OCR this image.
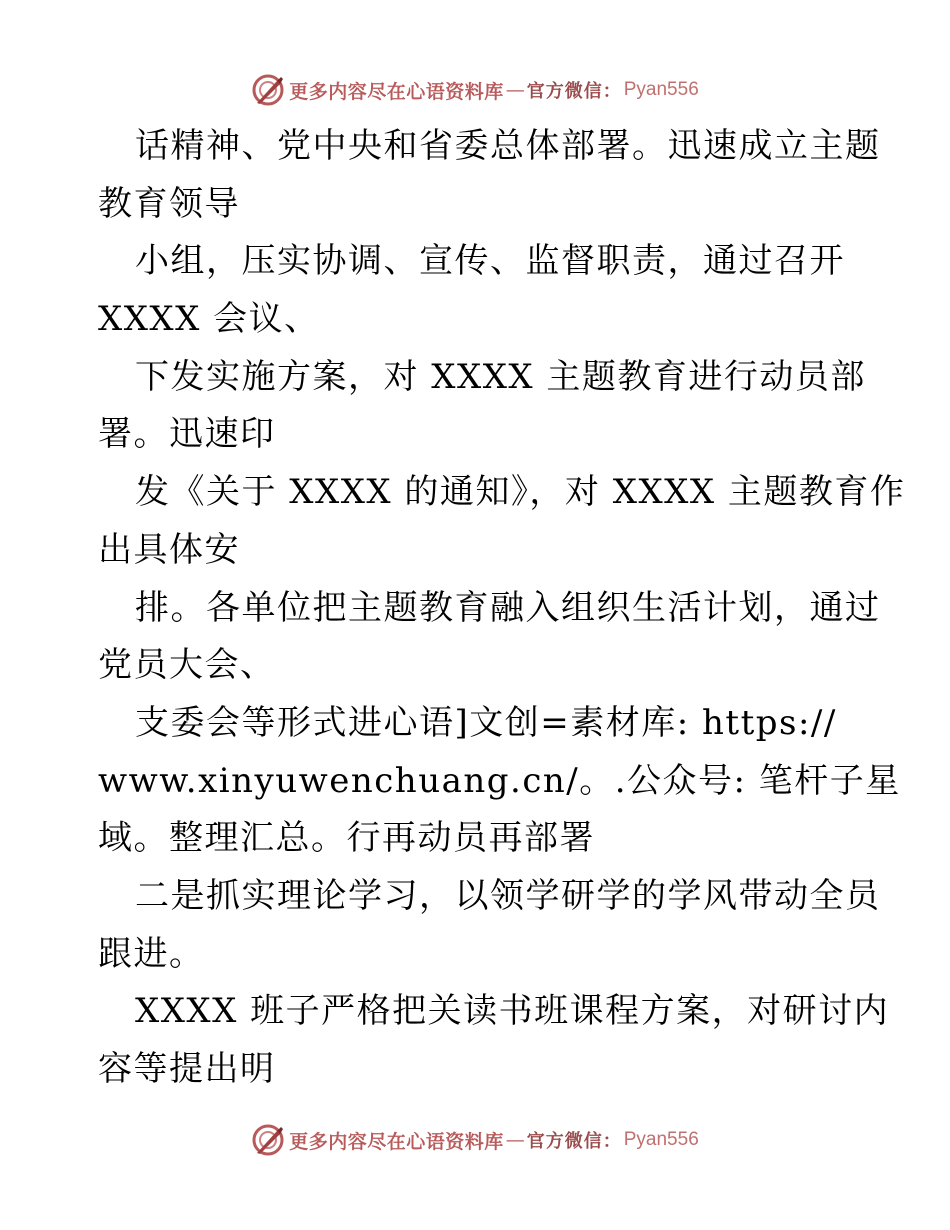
更多内容尽在心语资料库 — 官方微信： Pyan556
话精神、党中央和省委总体部署。迅速成立主题
教育领导
小组，压实协调、宣传、监督职责，通过召开
XXXX 会议、
下发实施方案，对 XXXX 主题教育进行动员部
署。迅速印
发《关于 XXXX 的通知》，对 XXXX 主题教育作
出具体安
排。各单位把主题教育融入组织生活计划，通过
党员大会、
支委会等形式进心语]文创=素材库: https://
www.xinyuwenchuang.cn/。.公众号: 笔杆子星
域。整理汇总。行再动员再部署
二是抓实理论学习，以领学研学的学风带动全员
跟进。
XXXX 班子严格把关读书班课程方案，对研讨内
容等提出明
更多内容尽在心语资料库 — 官方微信： Pyan556
